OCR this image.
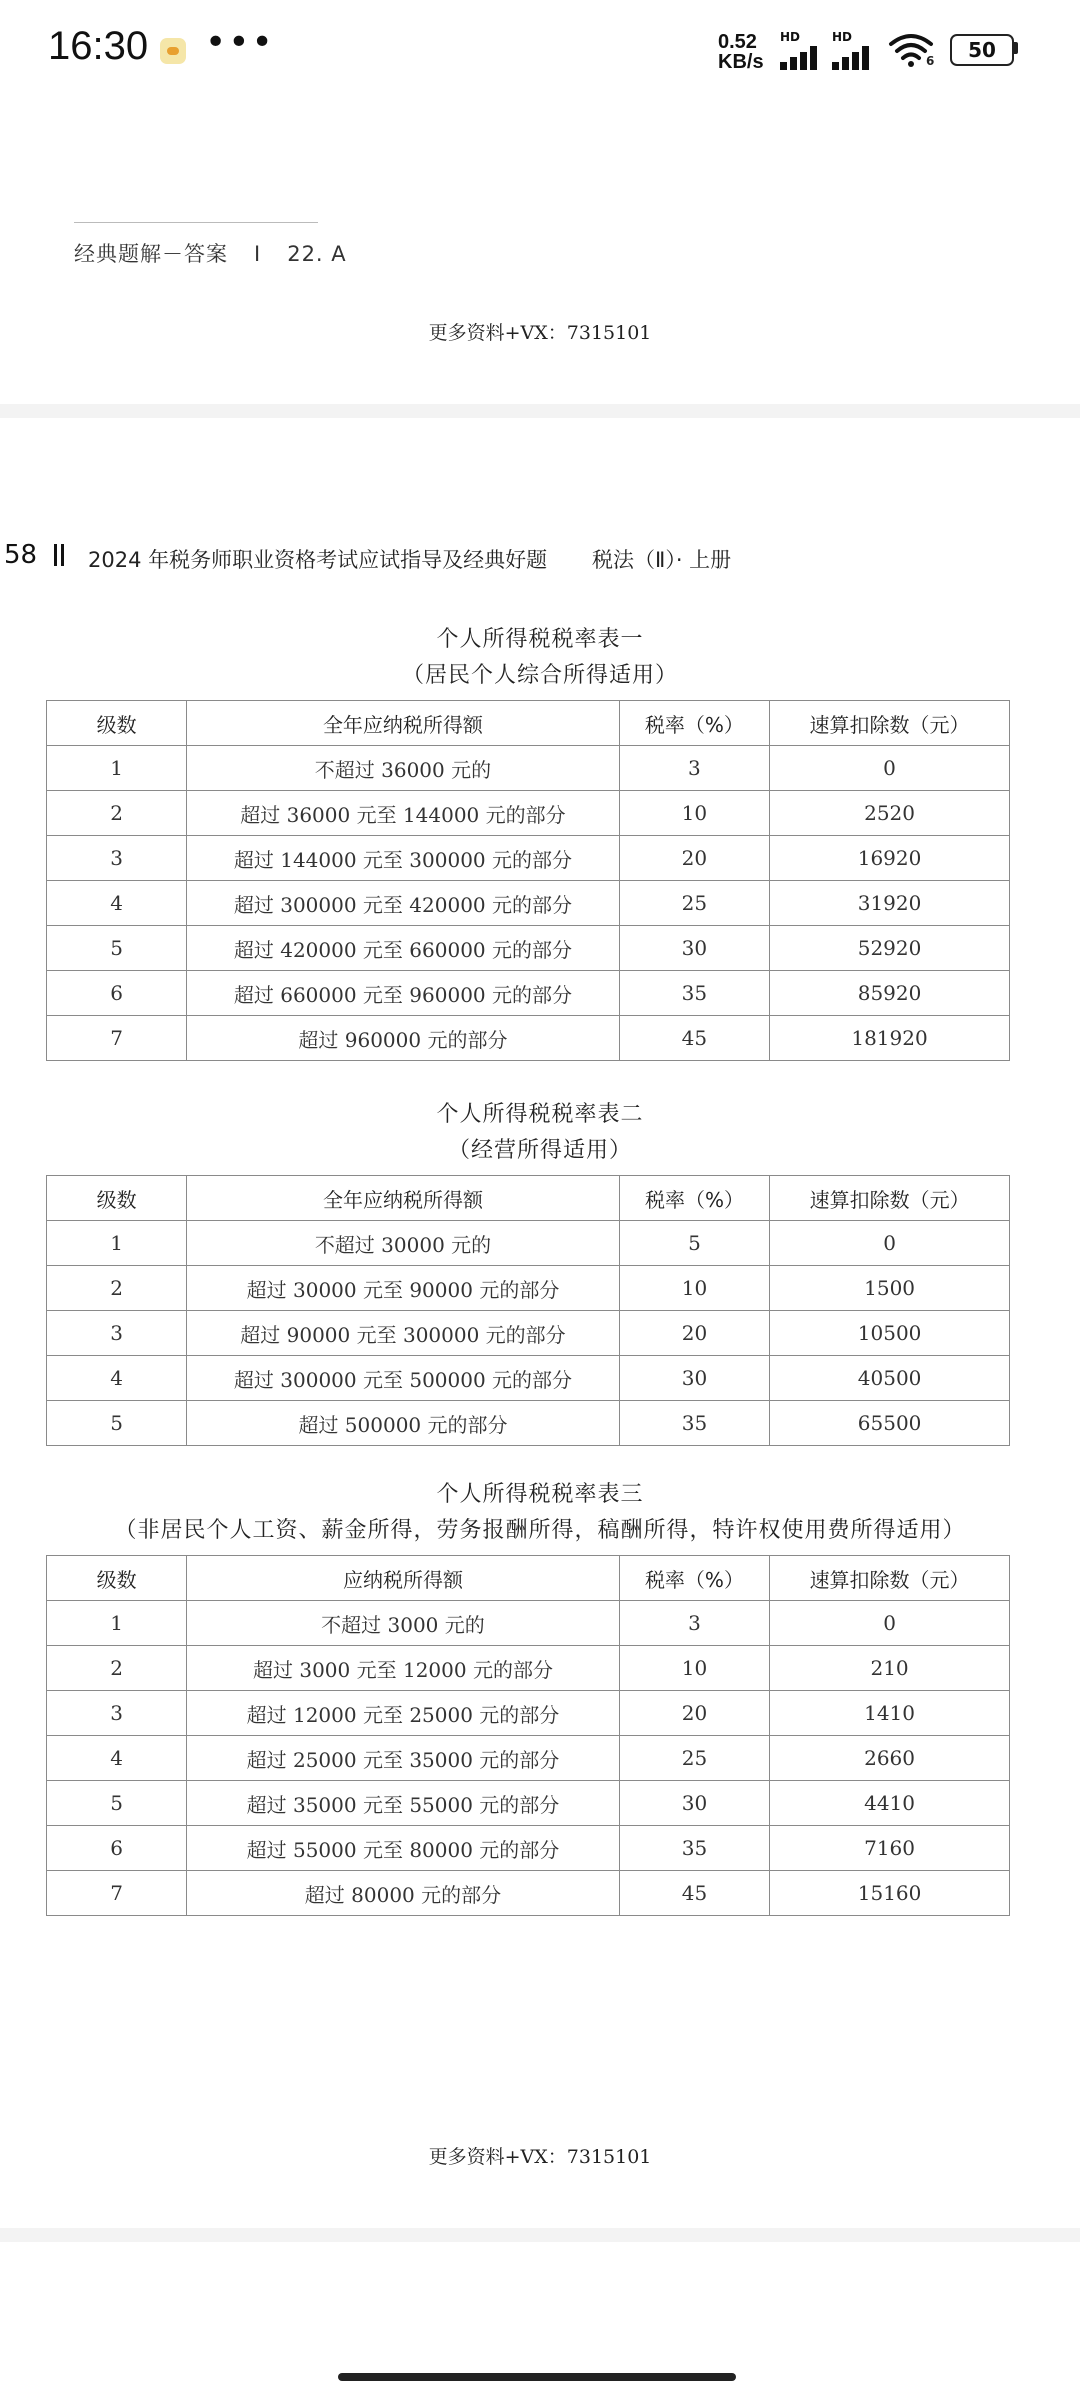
16:30 •••	0.52
KB/s
HD	HD
6	50
经典题解－答案 I 22. A
更多资料+VX：7315101
58 2024 年税务师职业资格考试应试指导及经典好题 税法（Ⅱ）· 上册
个人所得税税率表一
（居民个人综合所得适用）
级数	全年应纳税所得额	税率（%）	速算扣除数（元）
1	不超过 36000 元的	3	0
2	超过 36000 元至 144000 元的部分	10	2520
3	超过 144000 元至 300000 元的部分	20	16920
4	超过 300000 元至 420000 元的部分	25	31920
5	超过 420000 元至 660000 元的部分	30	52920
6	超过 660000 元至 960000 元的部分	35	85920
7	超过 960000 元的部分	45	181920
个人所得税税率表二
（经营所得适用）
级数	全年应纳税所得额	税率（%）	速算扣除数（元）
1	不超过 30000 元的	5	0
2	超过 30000 元至 90000 元的部分	10	1500
3	超过 90000 元至 300000 元的部分	20	10500
4	超过 300000 元至 500000 元的部分	30	40500
5	超过 500000 元的部分	35	65500
个人所得税税率表三
（非居民个人工资、薪金所得，劳务报酬所得，稿酬所得，特许权使用费所得适用）
级数	应纳税所得额	税率（%）	速算扣除数（元）
1	不超过 3000 元的	3	0
2	超过 3000 元至 12000 元的部分	10	210
3	超过 12000 元至 25000 元的部分	20	1410
4	超过 25000 元至 35000 元的部分	25	2660
5	超过 35000 元至 55000 元的部分	30	4410
6	超过 55000 元至 80000 元的部分	35	7160
7	超过 80000 元的部分	45	15160
更多资料+VX：7315101
